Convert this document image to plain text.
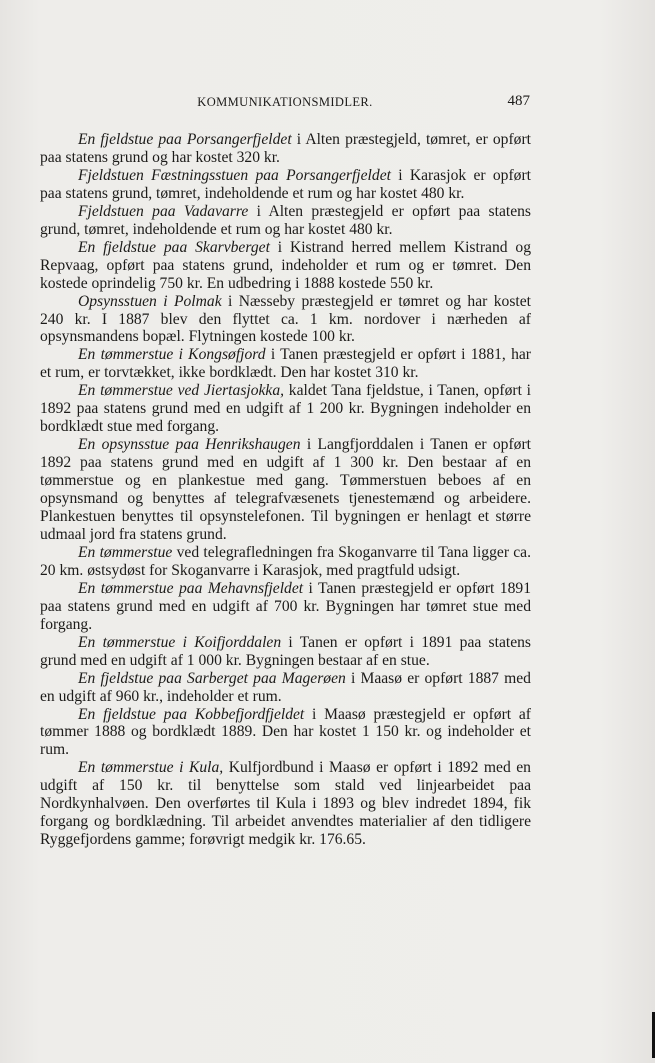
KOMMUNIKATIONSMIDLER.	487

En fjeldstue paa Porsangerfjeldet i Alten præstegjeld, tømret, er opført paa statens grund og har kostet 320 kr.

Fjeldstuen Fæstningsstuen paa Porsangerfjeldet i Karasjok er opført paa statens grund, tømret, indeholdende et rum og har kostet 480 kr.

Fjeldstuen paa Vadavarre i Alten præstegjeld er opført paa statens grund, tømret, indeholdende et rum og har kostet 480 kr.

En fjeldstue paa Skarvberget i Kistrand herred mellem Kistrand og Repvaag, opført paa statens grund, indeholder et rum og er tømret. Den kostede oprindelig 750 kr. En udbedring i 1888 kostede 550 kr.

Opsynsstuen i Polmak i Næsseby præstegjeld er tømret og har kostet 240 kr. I 1887 blev den flyttet ca. 1 km. nordover i nærheden af opsynsmandens bopæl. Flytningen kostede 100 kr.

En tømmerstue i Kongsøfjord i Tanen præstegjeld er opført i 1881, har et rum, er torvtækket, ikke bordklædt. Den har kostet 310 kr.

En tømmerstue ved Jiertasjokka, kaldet Tana fjeldstue, i Tanen, opført i 1892 paa statens grund med en udgift af 1 200 kr. Bygningen indeholder en bordklædt stue med forgang.

En opsynsstue paa Henrikshaugen i Langfjorddalen i Tanen er opført 1892 paa statens grund med en udgift af 1 300 kr. Den bestaar af en tømmerstue og en plankestue med gang. Tømmerstuen beboes af en opsynsmand og benyttes af telegrafvæsenets tjenestemænd og arbeidere. Plankestuen benyttes til opsynstelefonen. Til bygningen er henlagt et større udmaal jord fra statens grund.

En tømmerstue ved telegrafledningen fra Skoganvarre til Tana ligger ca. 20 km. østsydøst for Skoganvarre i Karasjok, med pragtfuld udsigt.

En tømmerstue paa Mehavnsfjeldet i Tanen præstegjeld er opført 1891 paa statens grund med en udgift af 700 kr. Bygningen har tømret stue med forgang.

En tømmerstue i Koifjorddalen i Tanen er opført i 1891 paa statens grund med en udgift af 1 000 kr. Bygningen bestaar af en stue.

En fjeldstue paa Sarberget paa Magerøen i Maasø er opført 1887 med en udgift af 960 kr., indeholder et rum.

En fjeldstue paa Kobbefjordfjeldet i Maasø præstegjeld er opført af tømmer 1888 og bordklædt 1889. Den har kostet 1 150 kr. og indeholder et rum.

En tømmerstue i Kula, Kulfjordbund i Maasø er opført i 1892 med en udgift af 150 kr. til benyttelse som stald ved linjearbeidet paa Nordkynhalvøen. Den overførtes til Kula i 1893 og blev indredet 1894, fik forgang og bordklædning. Til arbeidet anvendtes materialier af den tidligere Ryggefjordens gamme; forøvrigt medgik kr. 176.65.
